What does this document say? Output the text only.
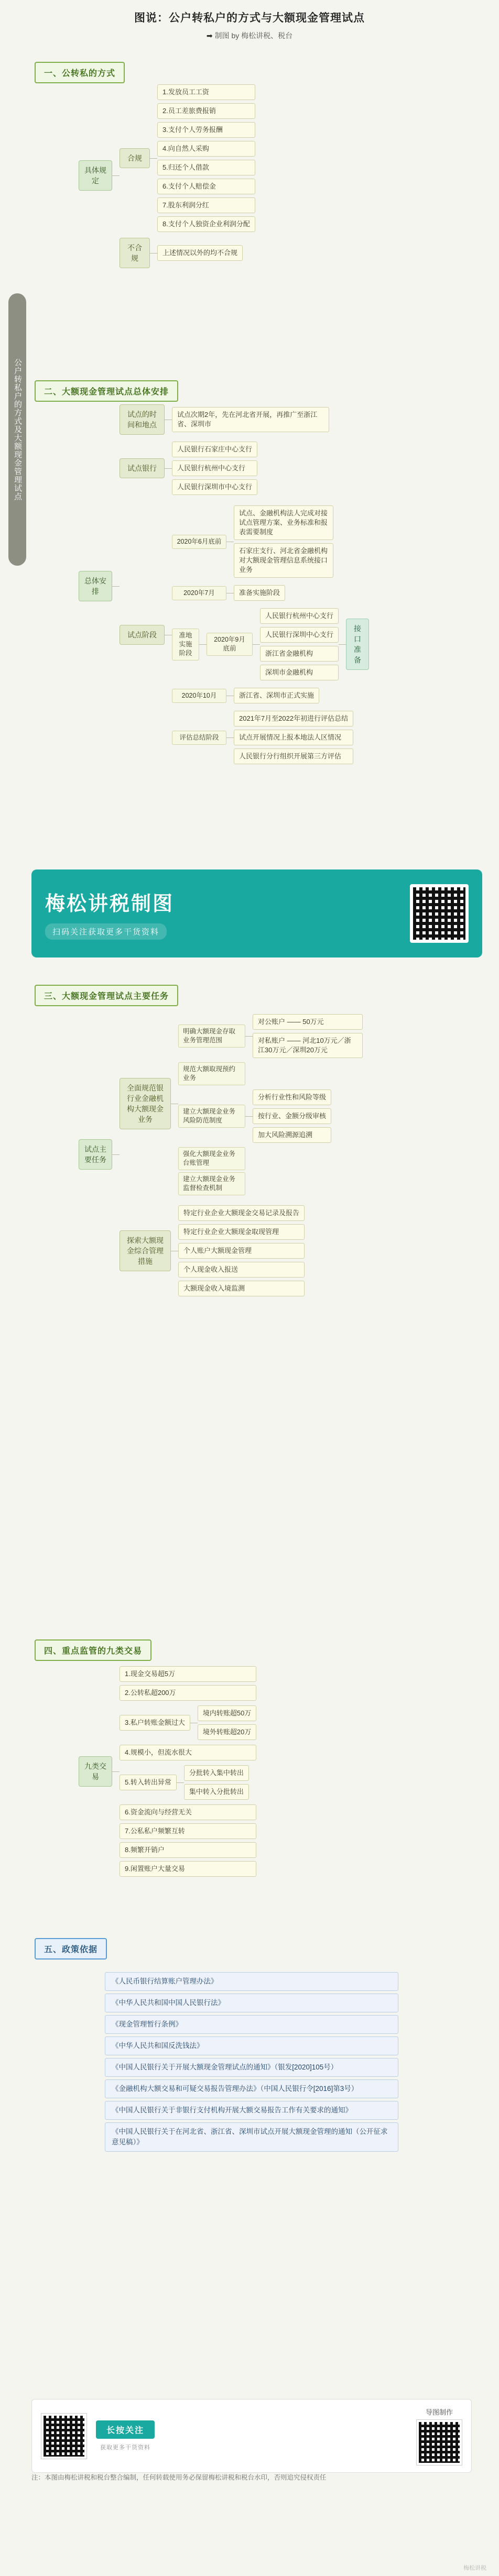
图说：公户转私户的方式与大额现金管理试点
➡ 制图 by 梅松讲税、税台
公户转私户的方式及大额现金管理试点
一、公转私的方式
具体规定
合规
1.发放员工工资
2.员工差旅费报销
3.支付个人劳务报酬
4.向自然人采购
5.归还个人借款
6.支付个人赔偿金
7.股东利润分红
8.支付个人独资企业利润分配
不合规
上述情况以外的均不合规
二、大额现金管理试点总体安排
总体安排
试点的时间和地点
试点次期2年，先在河北省开展，再推广至浙江省、深圳市
试点银行
人民银行石家庄中心支行
人民银行杭州中心支行
人民银行深圳市中心支行
试点阶段
2020年6月底前
试点、金融机构法人完成对接试点管理方案、业务标准和报表需要制度
石家庄支行、河北省金融机构对大额现金管理信息系统接口业务
2020年7月	准备实施阶段
准地实施阶段
2020年9月底前
人民银行杭州中心支行
人民银行深圳中心支行
浙江省金融机构
深圳市金融机构
接口准备
2020年10月	浙江省、深圳市正式实施
评估总结阶段
2021年7月至2022年初进行评估总结
试点开展情况上报本地法人区情况
人民银行分行组织开展第三方评估
梅松讲税制图
扫码关注获取更多干货资料
三、大额现金管理试点主要任务
试点主要任务
全面规范银行业金融机构大额现金业务
明确大额现金存取业务管理范围
对公账户 —— 50万元
对私账户 —— 河北10万元／浙江30万元／深圳20万元
规范大额取现预约业务
建立大额现金业务风险防范制度
分析行业性和风险等级
按行业、金额分级审核
加大风险溯源追溯
强化大额现金业务台账管理
建立大额现金业务监督检查机制
探索大额现金综合管理措施
特定行业企业大额现金交易记录及报告
特定行业企业大额现金取现管理
个人账户大额现金管理
个人现金收入报送
大额现金收入境监测
四、重点监管的九类交易
九类交易
1.现金交易超5万
2.公转私超200万
3.私户转账金额过大
境内转账超50万
境外转账超20万
4.规模小，但流水很大
5.转入转出异常
分批转入集中转出
集中转入分批转出
6.资金流向与经营无关
7.公私私户频繁互转
8.频繁开销户
9.闲置账户大量交易
五、政策依据
《人民币银行结算账户管理办法》
《中华人民共和国中国人民银行法》
《现金管理暂行条例》
《中华人民共和国反洗钱法》
《中国人民银行关于开展大额现金管理试点的通知》（银发[2020]105号）
《金融机构大额交易和可疑交易报告管理办法》（中国人民银行令[2016]第3号）
《中国人民银行关于非银行支付机构开展大额交易报告工作有关要求的通知》
《中国人民银行关于在河北省、浙江省、深圳市试点开展大额现金管理的通知（公开征求意见稿）》
长按关注
获取更多干货资料
导图制作
注：本图由梅松讲税和税台整合编制，任何转载使用务必保留梅松讲税和税台水印，否则追究侵权责任
梅松讲税
